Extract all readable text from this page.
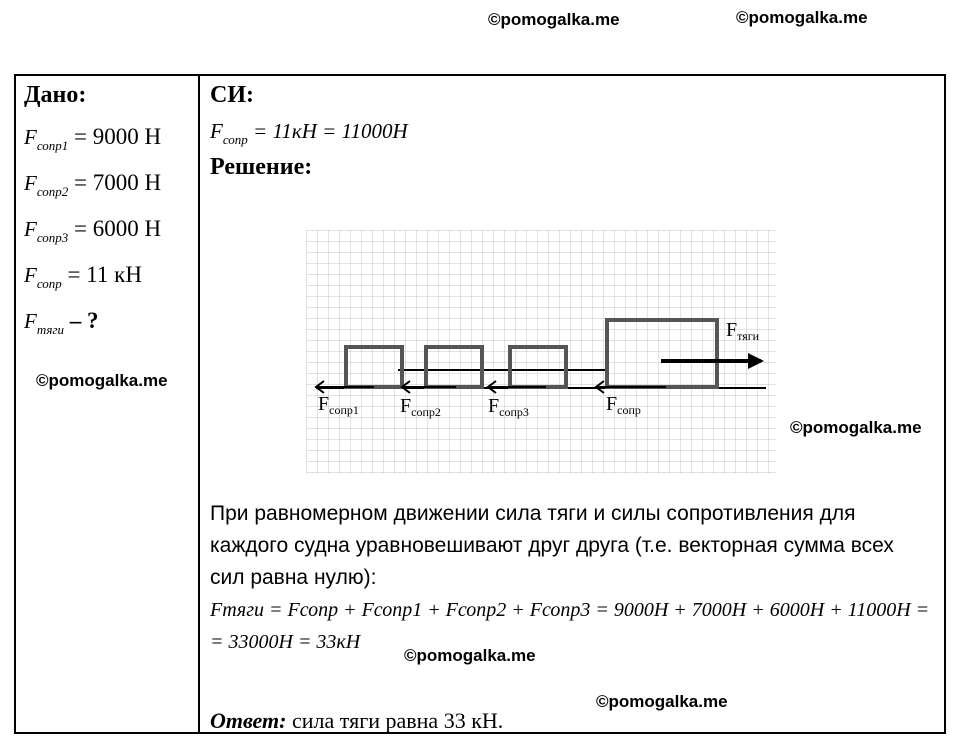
©pomogalka.me	©pomogalka.me
Дано:
$F_{сопр1} = 9000$ Н
$F_{сопр2} = 7000$ Н
$F_{сопр3} = 6000$ Н
$F_{сопр} = 11$ кН
$F_{тяги}$ – ?
СИ:
$F_{сопр} = 11кН = 11000Н$
Решение:
$F_{тяги}$
$F_{сопр1}$ $F_{сопр2}$ $F_{сопр3}$	$F_{сопр}$
При равномерном движении сила тяги и силы сопротивления для каждого судна уравновешивают друг друга (т.е. векторная сумма всех сил равна нулю):
Fтяги = Fсопр + Fсопр1 + Fсопр2 + Fсопр3 = 9000Н + 7000Н + 6000Н + 11000Н =
= 33000Н = 33кН
Ответ: сила тяги равна 33 кН.
©pomogalka.me
©pomogalka.me
©pomogalka.me
©pomogalka.me
